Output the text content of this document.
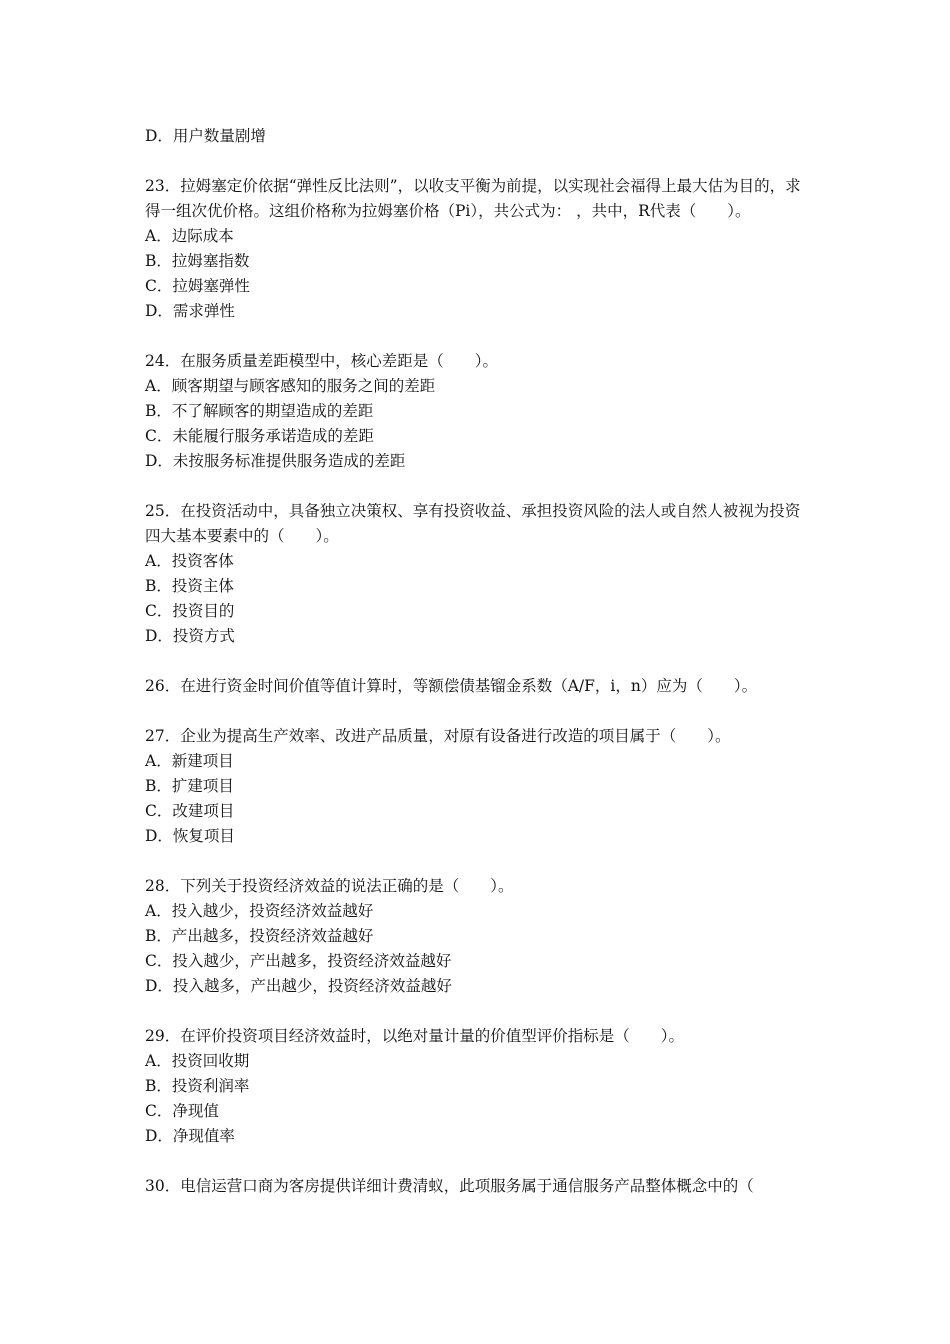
D．用户数量剧增
23．拉姆塞定价依据“弹性反比法则”，以收支平衡为前提，以实现社会福得上最大估为目的，求得一组次优价格。这组价格称为拉姆塞价格（Pi），共公式为： ，共中，R代表（　　）。
A．边际成本
B．拉姆塞指数
C．拉姆塞弹性
D．需求弹性
24．在服务质量差距模型中，核心差距是（　　）。
A．顾客期望与顾客感知的服务之间的差距
B．不了解顾客的期望造成的差距
C．未能履行服务承诺造成的差距
D．未按服务标准提供服务造成的差距
25．在投资活动中，具备独立决策权、享有投资收益、承担投资风险的法人或自然人被视为投资四大基本要素中的（　　）。
A．投资客体
B．投资主体
C．投资目的
D．投资方式
26．在进行资金时间价值等值计算时，等额偿债基镏金系数（A/F，i，n）应为（　　）。
27．企业为提高生产效率、改进产品质量，对原有设备进行改造的项目属于（　　）。
A．新建项目
B．扩建项目
C．改建项目
D．恢复项目
28．下列关于投资经济效益的说法正确的是（　　）。
A．投入越少，投资经济效益越好
B．产出越多，投资经济效益越好
C．投入越少，产出越多，投资经济效益越好
D．投入越多，产出越少，投资经济效益越好
29．在评价投资项目经济效益时，以绝对量计量的价值型评价指标是（　　）。
A．投资回收期
B．投资利润率
C．净现值
D．净现值率
30．电信运营口商为客房提供详细计费清蚁，此项服务属于通信服务产品整体概念中的（
